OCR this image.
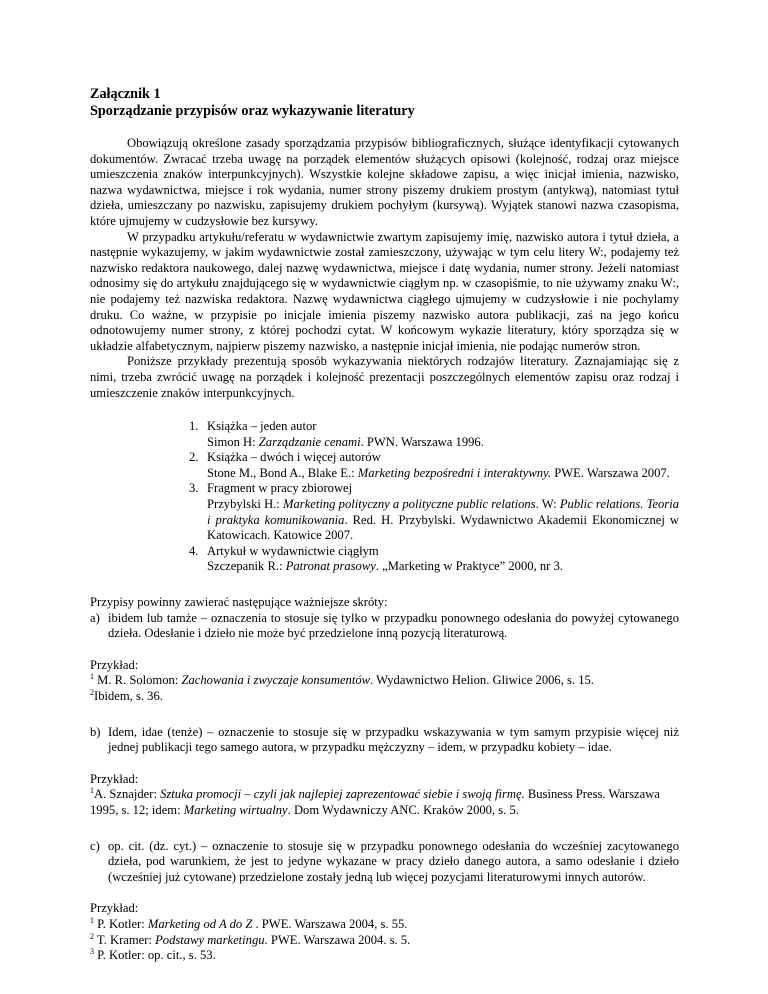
Załącznik 1
Sporządzanie przypisów oraz wykazywanie literatury

Obowiązują określone zasady sporządzania przypisów bibliograficznych, służące identyfikacji cytowanych dokumentów. Zwracać trzeba uwagę na porządek elementów służących opisowi (kolejność, rodzaj oraz miejsce umieszczenia znaków interpunkcyjnych). Wszystkie kolejne składowe zapisu, a więc inicjał imienia, nazwisko, nazwa wydawnictwa, miejsce i rok wydania, numer strony piszemy drukiem prostym (antykwą), natomiast tytuł dzieła, umieszczany po nazwisku, zapisujemy drukiem pochyłym (kursywą). Wyjątek stanowi nazwa czasopisma, które ujmujemy w cudzysłowie bez kursywy.

W przypadku artykułu/referatu w wydawnictwie zwartym zapisujemy imię, nazwisko autora i tytuł dzieła, a następnie wykazujemy, w jakim wydawnictwie został zamieszczony, używając w tym celu litery W:, podajemy też nazwisko redaktora naukowego, dalej nazwę wydawnictwa, miejsce i datę wydania, numer strony. Jeżeli natomiast odnosimy się do artykułu znajdującego się w wydawnictwie ciągłym np. w czasopiśmie, to nie używamy znaku W:, nie podajemy też nazwiska redaktora. Nazwę wydawnictwa ciągłego ujmujemy w cudzysłowie i nie pochylamy druku. Co ważne, w przypisie po inicjale imienia piszemy nazwisko autora publikacji, zaś na jego końcu odnotowujemy numer strony, z której pochodzi cytat. W końcowym wykazie literatury, który sporządza się w układzie alfabetycznym, najpierw piszemy nazwisko, a następnie inicjał imienia, nie podając numerów stron.

Poniższe przykłady prezentują sposób wykazywania niektórych rodzajów literatury. Zaznajamiając się z nimi, trzeba zwrócić uwagę na porządek i kolejność prezentacji poszczególnych elementów zapisu oraz rodzaj i umieszczenie znaków interpunkcyjnych.

1. Książka – jeden autor
Simon H: Zarządzanie cenami. PWN. Warszawa 1996.
2. Książka – dwóch i więcej autorów
Stone M., Bond A., Blake E.: Marketing bezpośredni i interaktywny. PWE. Warszawa 2007.
3. Fragment w pracy zbiorowej
Przybylski H.: Marketing polityczny a polityczne public relations. W: Public relations. Teoria i praktyka komunikowania. Red. H. Przybylski. Wydawnictwo Akademii Ekonomicznej w Katowicach. Katowice 2007.
4. Artykuł w wydawnictwie ciągłym
Szczepanik R.: Patronat prasowy. „Marketing w Praktyce” 2000, nr 3.

Przypisy powinny zawierać następujące ważniejsze skróty:

a) ibidem lub tamże – oznaczenia to stosuje się tylko w przypadku ponownego odesłania do powyżej cytowanego dzieła. Odesłanie i dzieło nie może być przedzielone inną pozycją literaturową.

Przykład:

$^1$ M. R. Solomon: Zachowania i zwyczaje konsumentów. Wydawnictwo Helion. Gliwice 2006, s. 15.

$^2$Ibidem, s. 36.

b) Idem, idae (tenże) – oznaczenie to stosuje się w przypadku wskazywania w tym samym przypisie więcej niż jednej publikacji tego samego autora, w przypadku mężczyzny – idem, w przypadku kobiety – idae.

Przykład:

$^1$A. Sznajder: Sztuka promocji – czyli jak najlepiej zaprezentować siebie i swoją firmę. Business Press. Warszawa 1995, s. 12; idem: Marketing wirtualny. Dom Wydawniczy ANC. Kraków 2000, s. 5.

c) op. cit. (dz. cyt.) – oznaczenie to stosuje się w przypadku ponownego odesłania do wcześniej zacytowanego dzieła, pod warunkiem, że jest to jedyne wykazane w pracy dzieło danego autora, a samo odesłanie i dzieło (wcześniej już cytowane) przedzielone zostały jedną lub więcej pozycjami literaturowymi innych autorów.

Przykład:

$^1$ P. Kotler: Marketing od A do Z . PWE. Warszawa 2004, s. 55.

$^2$ T. Kramer: Podstawy marketingu. PWE. Warszawa 2004. s. 5.

$^3$ P. Kotler: op. cit., s. 53.
